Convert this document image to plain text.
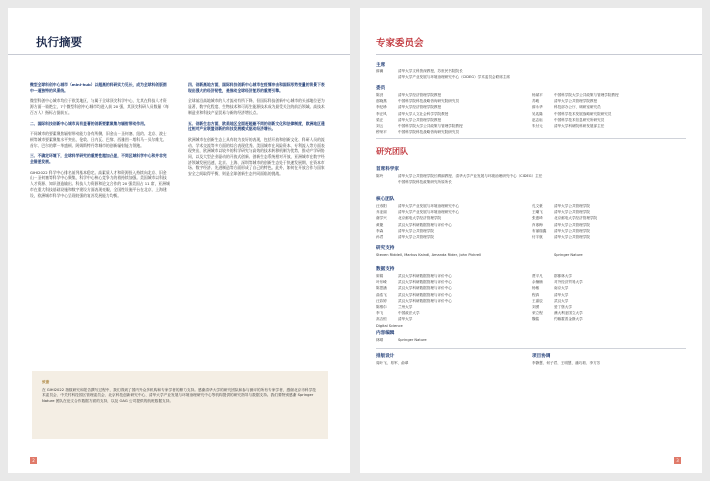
执行摘要

微型全球科创中心城市（mini-hub）以超高的科研实力见长，成为全球科创版图中一道独特的风景线。

微型科创中心城市均位于欧美地区，与属于全球顶尖科学中心，尤其在科技人才资源方面一骑绝尘，7个微型科创中心城市均进入前 20 强，其顶尖科研人员数量（每百万人）指标占据前五。

二、国际科技创新中心城市具有显著的创新要素聚集与辐射带动作用。

不同城市的要素聚焦辐射带动能力各有所侧，旧金山－圣何塞、纽约、北京、波士顿等城市要素聚集水平突出，伦敦、日内瓦、巴黎、西雅图－塔科马－贝尔维尤、首尔、巴尔的摩－华盛顿、阿姆斯特丹等城市的创新辐射能力领跑。

三、不确定环境下，全球科学研究的重要性越加凸显，不同区域科学中心和并非完全错差发展。

GIHI2022 科学中心排名前列基本稳定。高素质人才和资源投入持续向北京、旧金山－圣何塞等科学中心聚集，科学中心核心竞争力的着持续加强。美国城市以科技人才资源、知识创造输出、科技人力资源和论文合作的 20 强美国占 11 席，亚洲城市在重大科技基础设施和数字建设方面表现亮眼，全国性设施平台在北京、上海建设，欧洲城市科学中心呈现较强的复苏发展能力均衡。

四、创新高地方面，国际科技创新中心城市在疫情冲击和国际形势变量的背景下表现出强大的经济韧性，是推动全球经济复苏的重要引擎。

全球前沿高地城市的人才流动有所下降，但国际科技创新中心城市的头部地位更为显著，数字化程度、生物技术和可再生能源技术成为最受关注的前沿领域。高技术制造业和科技产品贸易与新的经济增长点。

五、创新生态方面，欧美地区全面赶超最不同的创新文化和法律制度，欧洲地区通过相对产业联盟创新的科技发展模式驱动经济增长。

欧洲城市在创新生态上具有较为良好的表现，包括开放和创新文化、科研人员的流动、学术交流等多方面的综合表现优秀。美国城市在风险资本、专利流入等方面表现突出，欧洲城市以较多的科学研究与高效的技术转移机制为优势，推动产学研协同，以及大型企业驱动的开放式创新、创新生态系统相对开放，亚洲城市在数字经济领域发展迅速，北京、上海、深圳等城市的创新生态处于快速发展期，在资本市场、数字经济、先进制造等方面形成了自己的特色。此外，如何在开放合作与国家安全之间取得平衡，则是全球创新生态共同面临的挑战。

致谢
在 GIHI2022 指数研究和报告撰写过程中，我们得到了国内外众多机构和专家学者的鼎力支持。感谢清华大学的研究团队和参与测评的所有专家学者，感谢北京市科学技术委员会、中关村科技园区管理委员会、北京科技创新研究中心、清华大学产业发展与环境治理研究中心等机构提供的研究指导与数据支持。我们要特别感谢 Springer Nature 团队在论文合作数据方面的支持，以及 OAG 公司提供的航班数据支持。
2
专家委员会
主席
薛澜	清华大学文科资深教授，苏世民书院院长
清华大学产业发展与环境治理研究中心（CIDEG）学术委员会联席主席
委员
陈劲	清华大学经济管理学院教授	杨斌平	中国科学院大学公共政策与管理学院教授
邸晓燕	中国科学院科技战略咨询研究院研究员	苏峻	清华大学公共管理学院教授
李纪珍	清华大学经济管理学院教授	薛永华	科技部办公厅、调研室研究员
李正风	清华大学人文社会科学学院教授	吴兆隆	中国科学技术发展战略研究院研究员
梁正	清华大学公共管理学院教授	赵志耘	中国科学技术信息研究所研究员
刘云	中国科学院大学公共政策与管理学院教授	朱付元	清华大学科研院科研发展部主任
穆荣平	中国科学院科技战略咨询研究院研究员
研究团队
首席科学家
陈玲	清华大学公共管理学院长聘副教授、清华大学产业发展与环境治理研究中心（CIDEG）主任
中国科学院科技政策研究所原所长
核心团队
汪寿阳	清华大学产业发展与环境治理研究中心	孔文豪	清华大学公共管理学院
乔亚丽	清华大学产业发展与环境治理研究中心	王曦飞	清华大学公共管理学院
谢学兴	北京邮电大学经济管理学院	张惠琦	北京邮电大学经济管理学院
黄婕	武汉大学科研数据管理与评价中心	肖寒梅	清华大学公共管理学院
李森	清华大学公共管理学院	布丽瑞鑫	清华大学公共管理学院
孙君	清华大学公共管理学院	付宇航	清华大学公共管理学院
研究支持
Steven Riddell, Markus Kaindl, Amanda Rider, John Pickrell	Springer Nature
数据支持
廖娟	武汉大学科研数据管理与评价中心	贾平凡	郡都林大学
叶东嵘	武汉大学科研数据管理与评价中心	余楠楠	对外经济贸易大学
陈思涵	武汉大学科研数据管理与评价中心	杨敏	南京大学
曲浩飞	武汉大学科研数据管理与评价中心	程真	清华大学
汪彩婷	武汉大学科研数据管理与评价中心	王嘉辰	武汉大学
陈维尔	兰州大学	刘勇	爱丁堡大学
李飞	中国政法大学	荣立程	澳大利亚国立大学
高吉恒	清华大学	魏铭	约翰霍普金斯大学
Digital Science
内容编辑
林晴	Springer Nature
排版设计
周叶飞、易军、俞翠
项目协调
李静慧、何子君、王明慧、潘巧莉、李方芳
3
